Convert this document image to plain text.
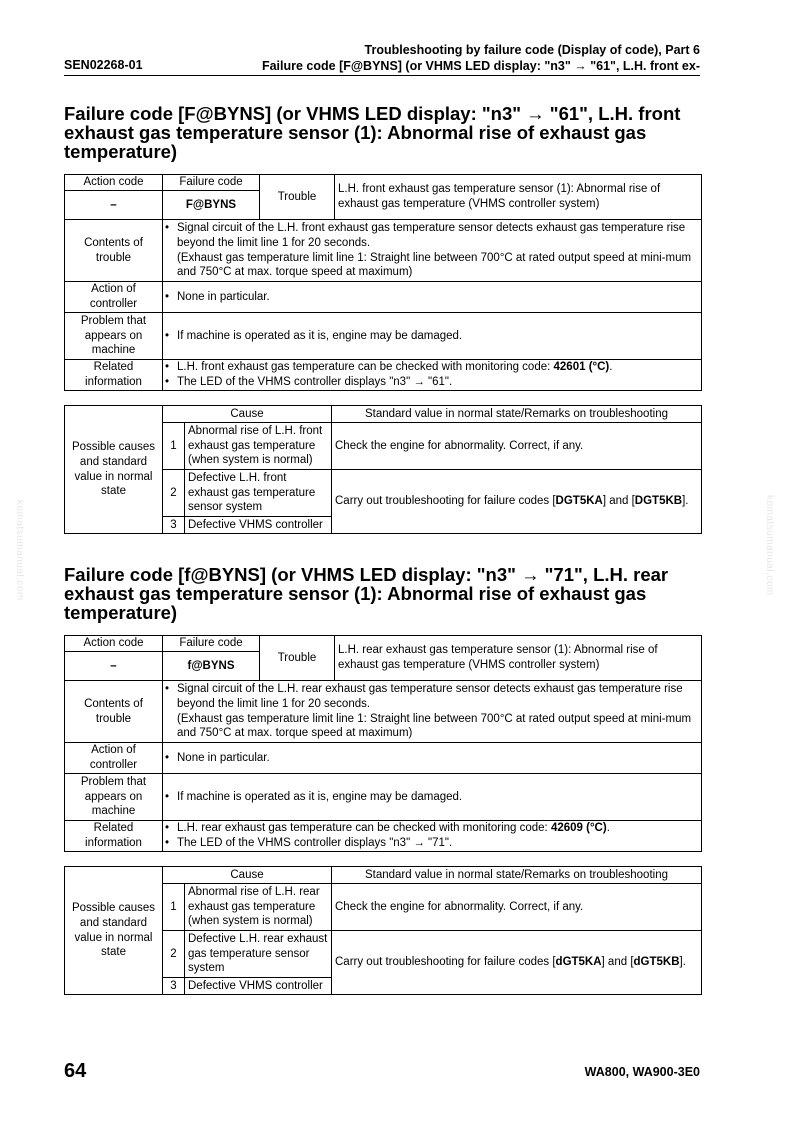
Troubleshooting by failure code (Display of code), Part 6
Failure code [F@BYNS] (or VHMS LED display: "n3" → "61", L.H. front ex-
SEN02268-01
komatsumanual.com	komatsumanual.com
Failure code [F@BYNS] (or VHMS LED display: "n3" → "61", L.H. front exhaust gas temperature sensor (1): Abnormal rise of exhaust gas temperature)
Action code	Failure code	Trouble	L.H. front exhaust gas temperature sensor (1): Abnormal rise of exhaust gas temperature (VHMS controller system)
–	F@BYNS		
Contents of trouble	• Signal circuit of the L.H. front exhaust gas temperature sensor detects exhaust gas temperature rise beyond the limit line 1 for 20 seconds.
(Exhaust gas temperature limit line 1: Straight line between 700°C at rated output speed at mini-mum and 750°C at max. torque speed at maximum)		

Action of controller	• None in particular.		

Problem that appears on machine	• If machine is operated as it is, engine may be damaged.		

Related information	• L.H. front exhaust gas temperature can be checked with monitoring code: 42601 (°C).
• The LED of the VHMS controller displays "n3" → "61".		
Possible causes and standard value in normal state	Cause		Standard value in normal state/Remarks on troubleshooting
	1	Abnormal rise of L.H. front exhaust gas temperature (when system is normal)	Check the engine for abnormality. Correct, if any.
	2	Defective L.H. front exhaust gas temperature sensor system	Carry out troubleshooting for failure codes [DGT5KA] and [DGT5KB].
	3	Defective VHMS controller	
Failure code [f@BYNS] (or VHMS LED display: "n3" → "71", L.H. rear exhaust gas temperature sensor (1): Abnormal rise of exhaust gas temperature)
Action code	Failure code	Trouble	L.H. rear exhaust gas temperature sensor (1): Abnormal rise of exhaust gas temperature (VHMS controller system)
–	f@BYNS		
Contents of trouble	• Signal circuit of the L.H. rear exhaust gas temperature sensor detects exhaust gas temperature rise beyond the limit line 1 for 20 seconds.
(Exhaust gas temperature limit line 1: Straight line between 700°C at rated output speed at mini-mum and 750°C at max. torque speed at maximum)		

Action of controller	• None in particular.		

Problem that appears on machine	• If machine is operated as it is, engine may be damaged.		

Related information	• L.H. rear exhaust gas temperature can be checked with monitoring code: 42609 (°C).
• The LED of the VHMS controller displays "n3" → "71".		
Possible causes and standard value in normal state	Cause		Standard value in normal state/Remarks on troubleshooting
	1	Abnormal rise of L.H. rear exhaust gas temperature (when system is normal)	Check the engine for abnormality. Correct, if any.
	2	Defective L.H. rear exhaust gas temperature sensor system	Carry out troubleshooting for failure codes [dGT5KA] and [dGT5KB].
	3	Defective VHMS controller	
64	WA800, WA900-3E0
